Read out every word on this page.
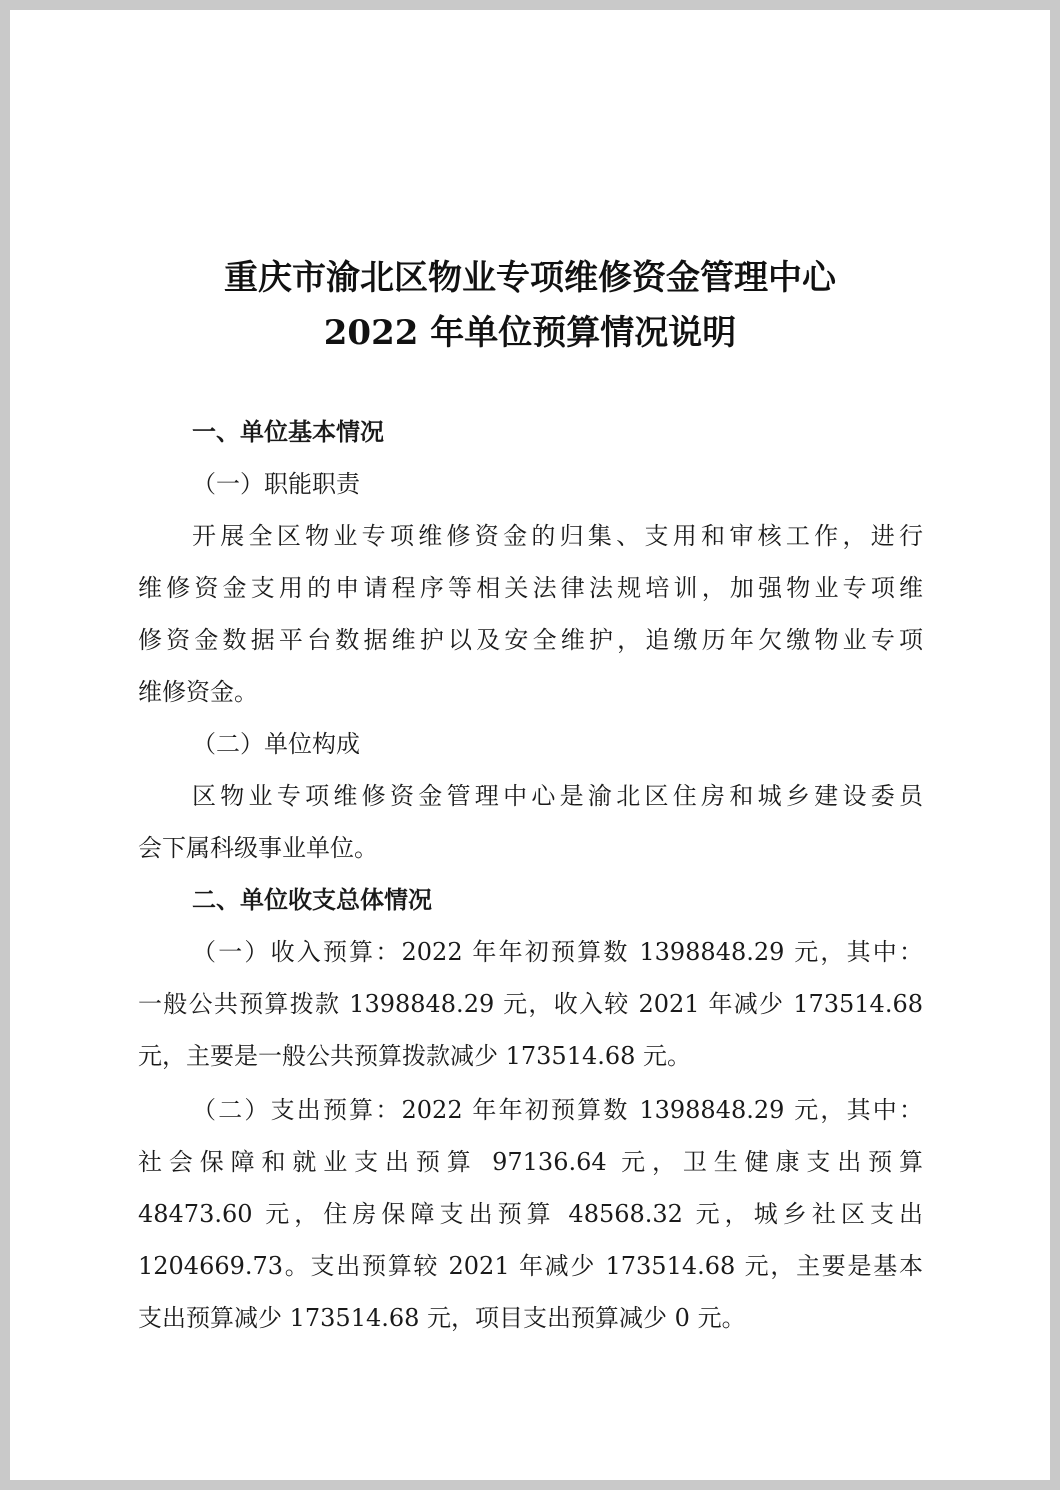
重庆市渝北区物业专项维修资金管理中心
2022 年单位预算情况说明
一、单位基本情况
（一）职能职责
开展全区物业专项维修资金的归集、支用和审核工作，进行
维修资金支用的申请程序等相关法律法规培训，加强物业专项维
修资金数据平台数据维护以及安全维护，追缴历年欠缴物业专项
维修资金。
（二）单位构成
区物业专项维修资金管理中心是渝北区住房和城乡建设委员
会下属科级事业单位。
二、单位收支总体情况
（一）收入预算：2022 年年初预算数 1398848.29 元，其中：
一般公共预算拨款 1398848.29 元，收入较 2021 年减少 173514.68
元，主要是一般公共预算拨款减少 173514.68 元。
（二）支出预算：2022 年年初预算数 1398848.29 元，其中：
社会保障和就业支出预算 97136.64 元，卫生健康支出预算
48473.60 元，住房保障支出预算 48568.32 元，城乡社区支出
1204669.73。支出预算较 2021 年减少 173514.68 元，主要是基本
支出预算减少 173514.68 元，项目支出预算减少 0 元。
